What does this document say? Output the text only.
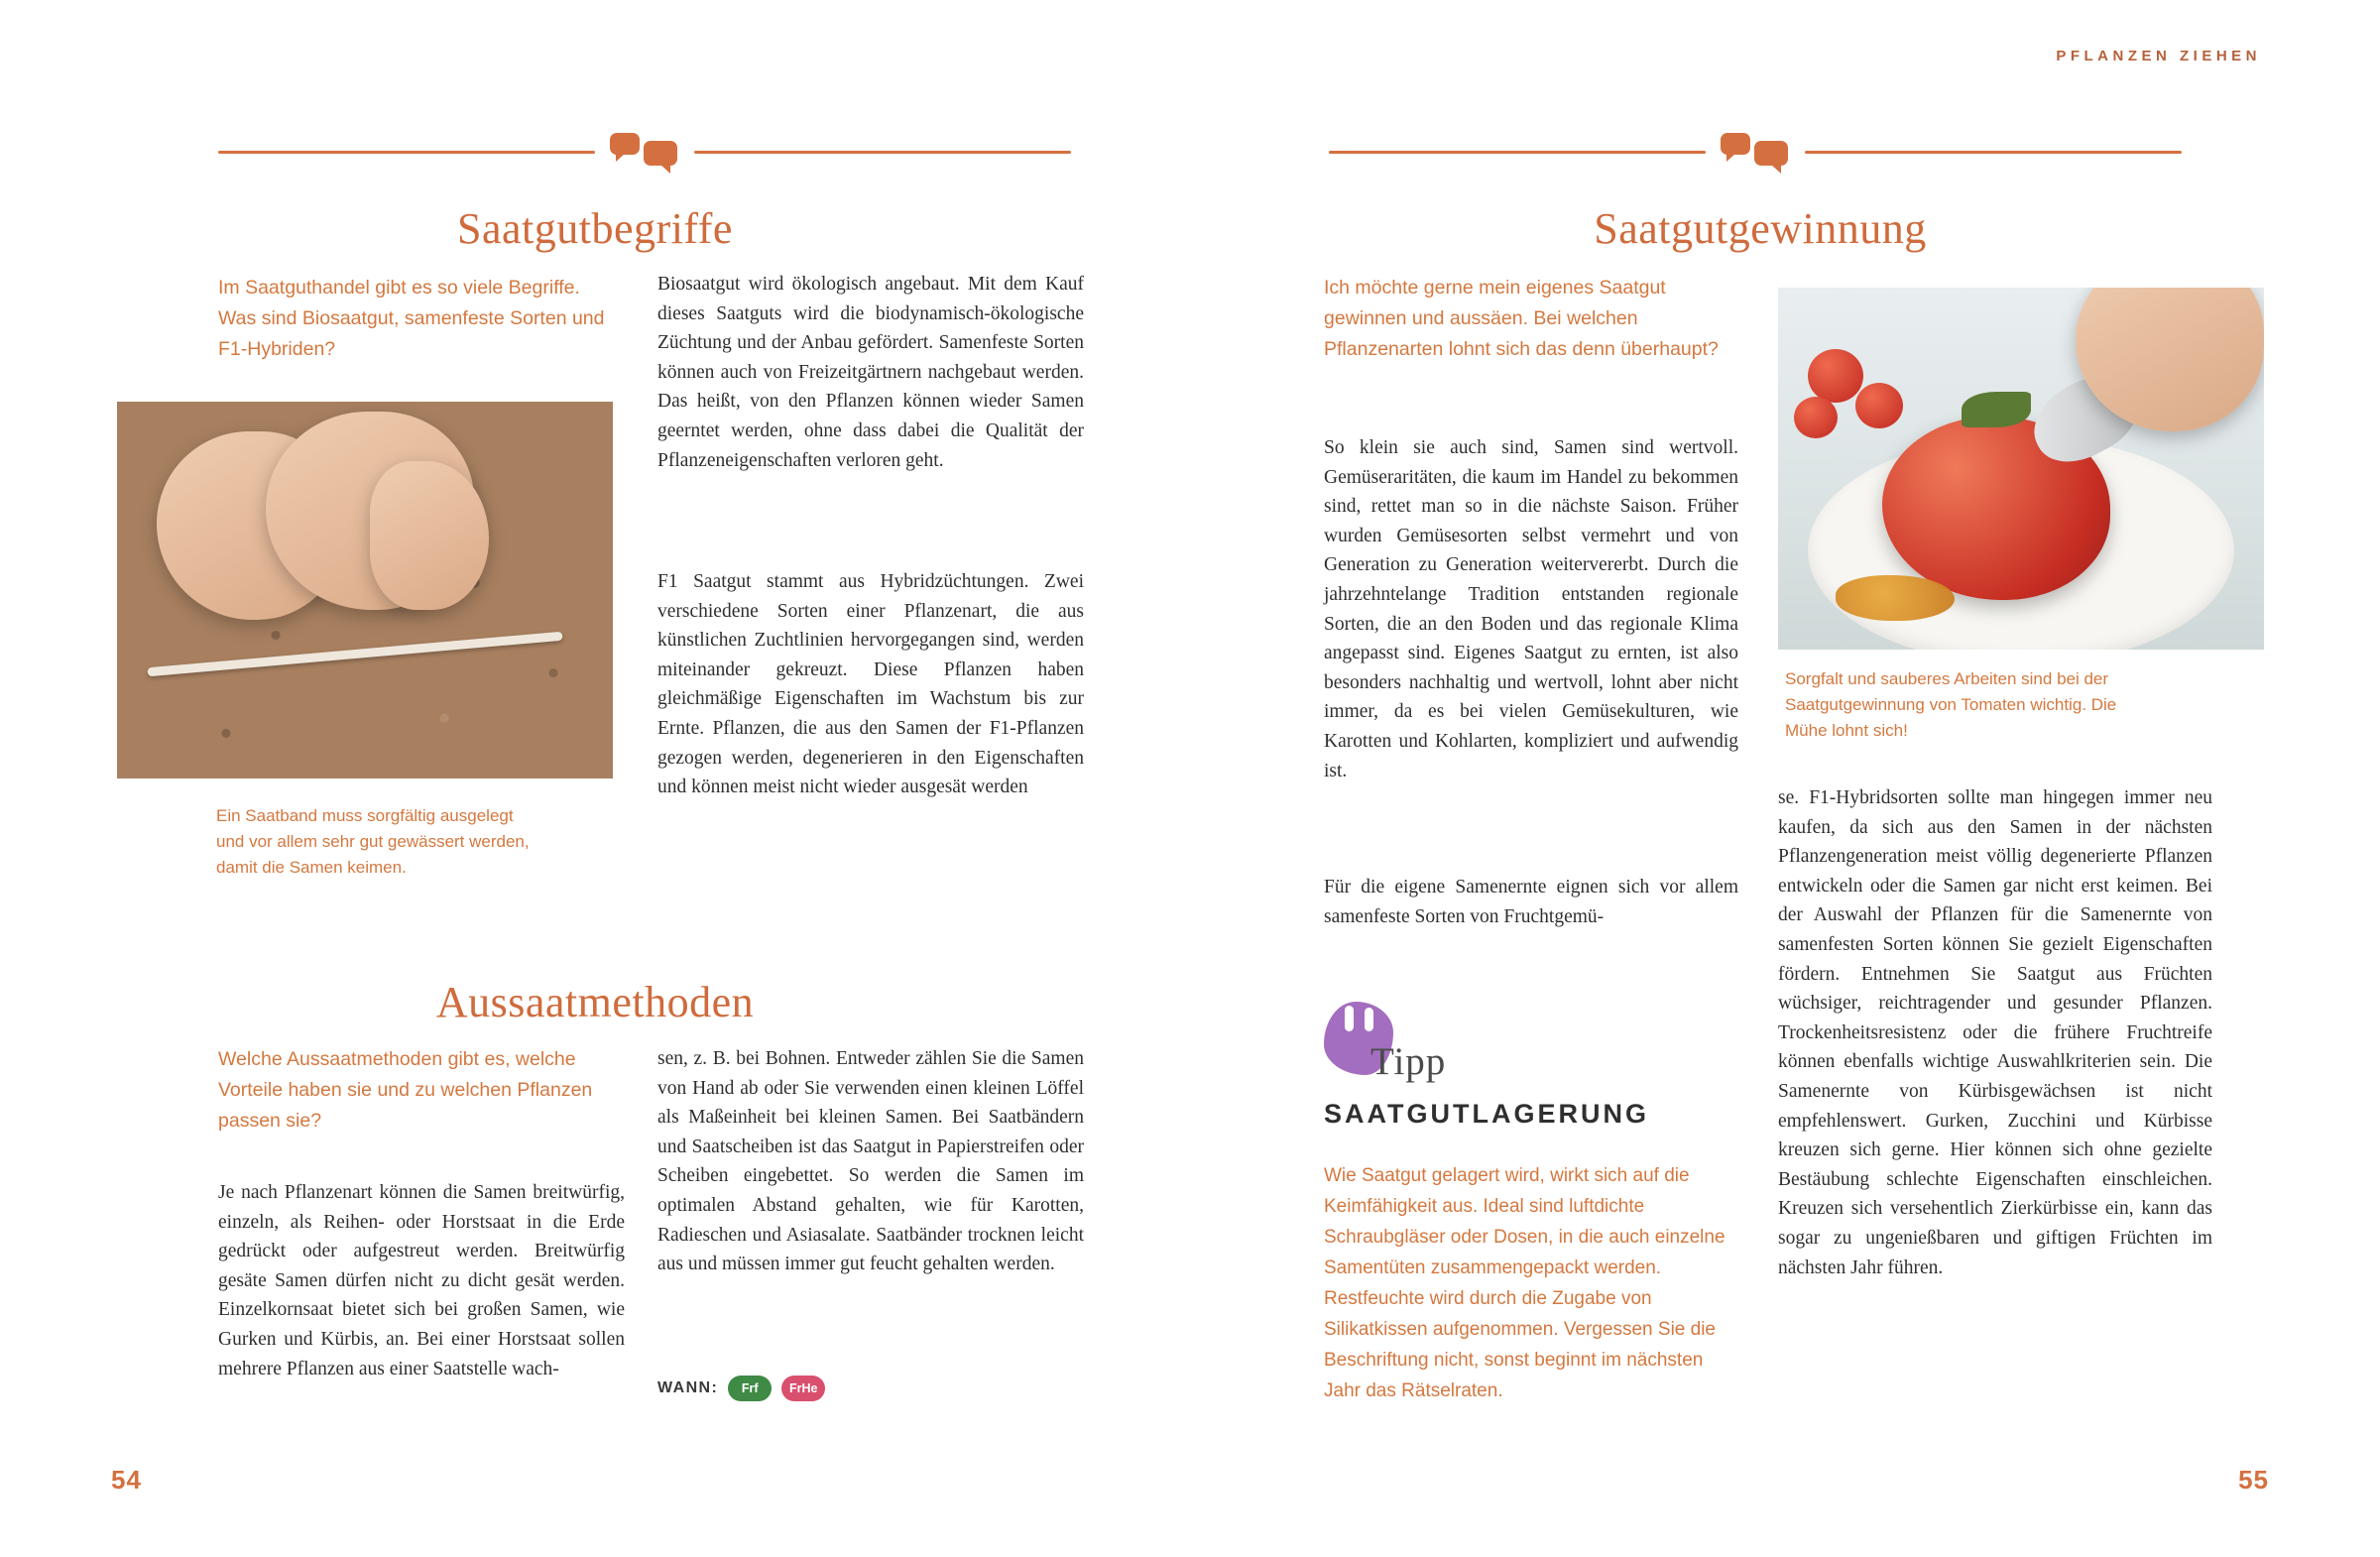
Saatgutbegriffe
Im Saatguthandel gibt es so viele Begriffe. Was sind Biosaatgut, samenfeste Sorten und F1-Hybriden?
Ein Saatband muss sorgfältig ausgelegt und vor allem sehr gut gewässert werden, damit die Samen keimen.
Biosaatgut wird ökologisch angebaut. Mit dem Kauf dieses Saatguts wird die biodynamisch-ökologische Züchtung und der Anbau gefördert. Samenfeste Sorten können auch von Freizeitgärtnern nachgebaut werden. Das heißt, von den Pflanzen können wieder Samen geerntet werden, ohne dass dabei die Qualität der Pflanzeneigenschaften verloren geht.
F1 Saatgut stammt aus Hybridzüchtungen. Zwei verschiedene Sorten einer Pflanzenart, die aus künstlichen Zuchtlinien hervorgegangen sind, werden miteinander gekreuzt. Diese Pflanzen haben gleichmäßige Eigenschaften im Wachstum bis zur Ernte. Pflanzen, die aus den Samen der F1-Pflanzen gezogen werden, degenerieren in den Eigenschaften und können meist nicht wieder ausgesät werden
Aussaatmethoden
Welche Aussaatmethoden gibt es, welche Vorteile haben sie und zu welchen Pflanzen passen sie?
Je nach Pflanzenart können die Samen breitwürfig, einzeln, als Reihen- oder Horstsaat in die Erde gedrückt oder aufgestreut werden. Breitwürfig gesäte Samen dürfen nicht zu dicht gesät werden. Einzelkornsaat bietet sich bei großen Samen, wie Gurken und Kürbis, an. Bei einer Horstsaat sollen mehrere Pflanzen aus einer Saatstelle wach-
sen, z. B. bei Bohnen. Entweder zählen Sie die Samen von Hand ab oder Sie verwenden einen kleinen Löffel als Maßeinheit bei kleinen Samen. Bei Saatbändern und Saatscheiben ist das Saatgut in Papierstreifen oder Scheiben eingebettet. So werden die Samen im optimalen Abstand gehalten, wie für Karotten, Radieschen und Asiasalate. Saatbänder trocknen leicht aus und müssen immer gut feucht gehalten werden.
WANN:	Frf	FrHe
54
PFLANZEN ZIEHEN
Saatgutgewinnung
Ich möchte gerne mein eigenes Saatgut gewinnen und aussäen. Bei welchen Pflanzenarten lohnt sich das denn überhaupt?
Sorgfalt und sauberes Arbeiten sind bei der Saatgutgewinnung von Tomaten wichtig. Die Mühe lohnt sich!
So klein sie auch sind, Samen sind wertvoll. Gemüseraritäten, die kaum im Handel zu bekommen sind, rettet man so in die nächste Saison. Früher wurden Gemüsesorten selbst vermehrt und von Generation zu Generation weitervererbt. Durch die jahrzehntelange Tradition entstanden regionale Sorten, die an den Boden und das regionale Klima angepasst sind. Eigenes Saatgut zu ernten, ist also besonders nachhaltig und wertvoll, lohnt aber nicht immer, da es bei vielen Gemüsekulturen, wie Karotten und Kohlarten, kompliziert und aufwendig ist.
Für die eigene Samenernte eignen sich vor allem samenfeste Sorten von Fruchtgemü-
se. F1-Hybridsorten sollte man hingegen immer neu kaufen, da sich aus den Samen in der nächsten Pflanzengeneration meist völlig degenerierte Pflanzen entwickeln oder die Samen gar nicht erst keimen. Bei der Auswahl der Pflanzen für die Samenernte von samenfesten Sorten können Sie gezielt Eigenschaften fördern. Entnehmen Sie Saatgut aus Früchten wüchsiger, reichtragender und gesunder Pflanzen. Trockenheitsresistenz oder die frühere Fruchtreife können ebenfalls wichtige Auswahlkriterien sein. Die Samenernte von Kürbisgewächsen ist nicht empfehlenswert. Gurken, Zucchini und Kürbisse kreuzen sich gerne. Hier können sich ohne gezielte Bestäubung schlechte Eigenschaften einschleichen. Kreuzen sich versehentlich Zierkürbisse ein, kann das sogar zu ungenießbaren und giftigen Früchten im nächsten Jahr führen.
Tipp
SAATGUTLAGERUNG
Wie Saatgut gelagert wird, wirkt sich auf die Keimfähigkeit aus. Ideal sind luftdichte Schraubgläser oder Dosen, in die auch einzelne Samentüten zusammengepackt werden. Restfeuchte wird durch die Zugabe von Silikatkissen aufgenommen. Vergessen Sie die Beschriftung nicht, sonst beginnt im nächsten Jahr das Rätselraten.
55
